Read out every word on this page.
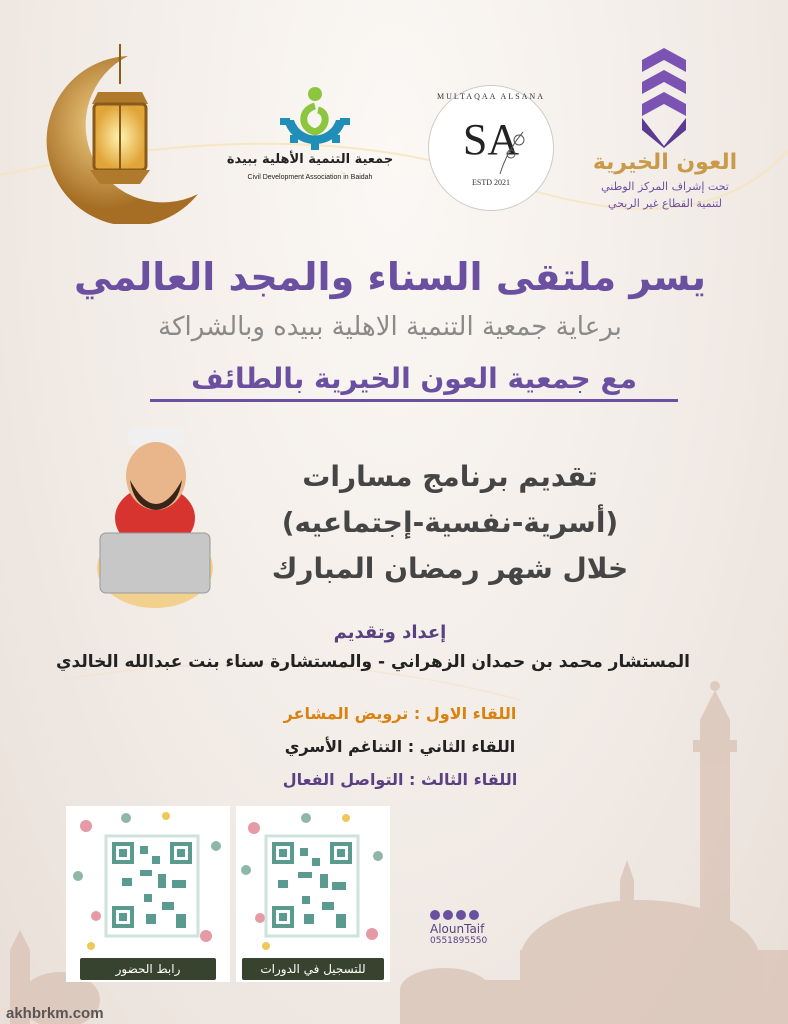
جمعية التنمية الأهلية ببيدة
Civil Development Association in Baidah
MULTAQAA ALSANA
SA
ESTD 2021
العون الخيرية
تحت إشراف المركز الوطني
لتنمية القطاع غير الربحي
يسر ملتقى السناء والمجد العالمي
برعاية جمعية التنمية الاهلية ببيده وبالشراكة
مع جمعية العون الخيرية بالطائف
تقديم برنامج مسارات
(أسرية-نفسية-إجتماعيه)
خلال شهر رمضان المبارك
إعداد وتقديم
المستشار محمد بن حمدان الزهراني - والمستشارة سناء بنت عبدالله الخالدي
اللقاء الاول : ترويض المشاعر
اللقاء الثاني : التناغم الأسري
اللقاء الثالث : التواصل الفعال
رابط الحضور	للتسجيل في الدورات
AlounTaif
0551895550
akhbrkm.com
